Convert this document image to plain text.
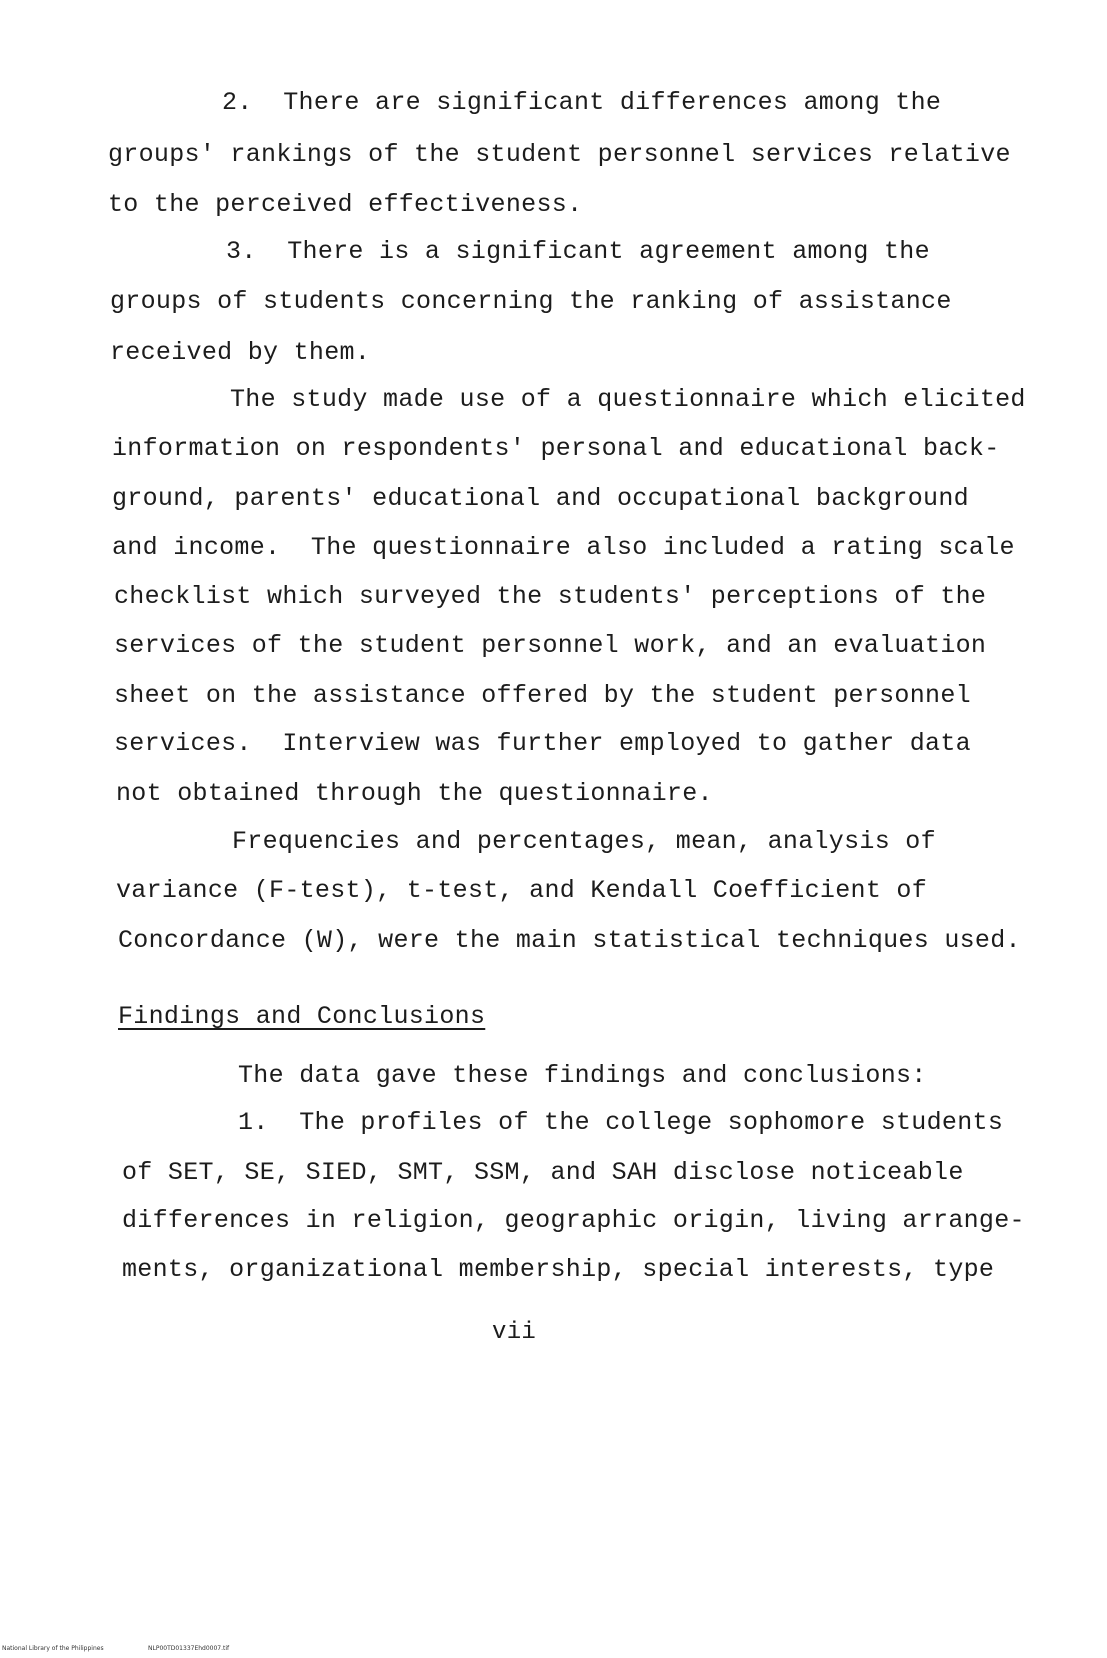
2.  There are significant differences among the
groups' rankings of the student personnel services relative
to the perceived effectiveness.
3.  There is a significant agreement among the
groups of students concerning the ranking of assistance
received by them.
The study made use of a questionnaire which elicited
information on respondents' personal and educational back-
ground, parents' educational and occupational background
and income.  The questionnaire also included a rating scale
checklist which surveyed the students' perceptions of the
services of the student personnel work, and an evaluation
sheet on the assistance offered by the student personnel
services.  Interview was further employed to gather data
not obtained through the questionnaire.
Frequencies and percentages, mean, analysis of
variance (F-test), t-test, and Kendall Coefficient of
Concordance (W), were the main statistical techniques used.
Findings and Conclusions
The data gave these findings and conclusions:
1.  The profiles of the college sophomore students
of SET, SE, SIED, SMT, SSM, and SAH disclose noticeable
differences in religion, geographic origin, living arrange-
ments, organizational membership, special interests, type
vii
National Library of the Philippines	NLP00TD01337Ehd0007.tif
